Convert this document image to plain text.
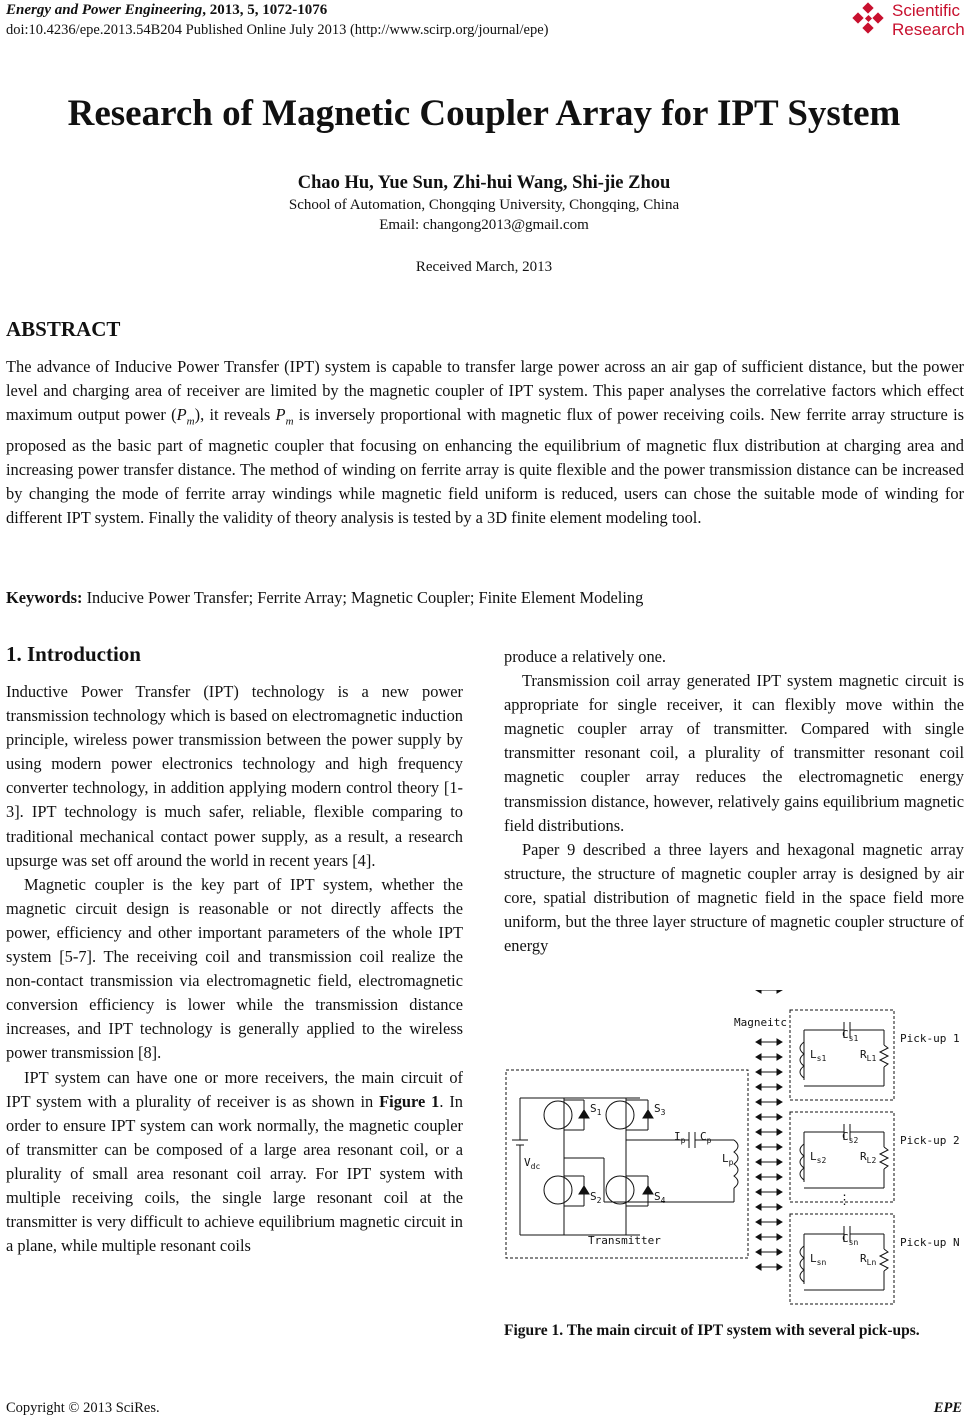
Energy and Power Engineering, 2013, 5, 1072-1076
doi:10.4236/epe.2013.54B204 Published Online July 2013 (http://www.scirp.org/journal/epe)
Scientific
Research
Research of Magnetic Coupler Array for IPT System
Chao Hu, Yue Sun, Zhi-hui Wang, Shi-jie Zhou
School of Automation, Chongqing University, Chongqing, China
Email: changong2013@gmail.com
Received March, 2013
ABSTRACT
The advance of Inducive Power Transfer (IPT) system is capable to transfer large power across an air gap of sufficient distance, but the power level and charging area of receiver are limited by the magnetic coupler of IPT system. This paper analyses the correlative factors which effect maximum output power $(P_m)$, it reveals $P_m$ is inversely proportional with magnetic flux of power receiving coils. New ferrite array structure is proposed as the basic part of magnetic coupler that focusing on enhancing the equilibrium of magnetic flux distribution at charging area and increasing power transfer distance. The method of winding on ferrite array is quite flexible and the power transmission distance can be increased by changing the mode of ferrite array windings while magnetic field uniform is reduced, users can chose the suitable mode of winding for different IPT system. Finally the validity of theory analysis is tested by a 3D finite element modeling tool.
Keywords: Inducive Power Transfer; Ferrite Array; Magnetic Coupler; Finite Element Modeling
1. Introduction

Inductive Power Transfer (IPT) technology is a new power transmission technology which is based on electromagnetic induction principle, wireless power transmission between the power supply by using modern power electronics technology and high frequency converter technology, in addition applying modern control theory [1-3]. IPT technology is much safer, reliable, flexible comparing to traditional mechanical contact power supply, as a result, a research upsurge was set off around the world in recent years [4].

Magnetic coupler is the key part of IPT system, whether the magnetic circuit design is reasonable or not directly affects the power, efficiency and other important parameters of the whole IPT system [5-7]. The receiving coil and transmission coil realize the non-contact transmission via electromagnetic field, electromagnetic conversion efficiency is lower while the transmission distance increases, and IPT technology is generally applied to the wireless power transmission [8].

IPT system can have one or more receivers, the main circuit of IPT system with a plurality of receiver is as shown in Figure 1. In order to ensure IPT system can work normally, the magnetic coupler of transmitter can be composed of a large area resonant coil, or a plurality of small area resonant coil array. For IPT system with multiple receiving coils, the single large resonant coil at the transmitter is very difficult to achieve equilibrium magnetic circuit in a plane, while multiple resonant coils

produce a relatively one.

Transmission coil array generated IPT system magnetic circuit is appropriate for single receiver, it can flexibly move within the magnetic coupler array of transmitter. Compared with single transmitter resonant coil, a plurality of transmitter resonant coil magnetic coupler array reduces the electromagnetic energy transmission distance, however, relatively gains equilibrium magnetic field distributions.

Paper 9 described a three layers and hexagonal magnetic array structure, the structure of magnetic coupler array is designed by air core, spatial distribution of magnetic field in the space field more uniform, but the three layer structure of magnetic coupler structure of energy

Magneitc
Transmitter
Pick-up 1
Pick-up 2
Pick-up N
⋮
$V_{dc}$
$S_1$	$S_3$
$S_2$	$S_4$
$I_p$ $C_p$
$L_p$
$C_{s1}$
$L_{s1}$	$R_{L1}$
$C_{s2}$
$L_{s2}$	$R_{L2}$
$C_{sn}$
$L_{sn}$	$R_{Ln}$
Figure 1. The main circuit of IPT system with several pick-ups.
Copyright © 2013 SciRes.	EPE
